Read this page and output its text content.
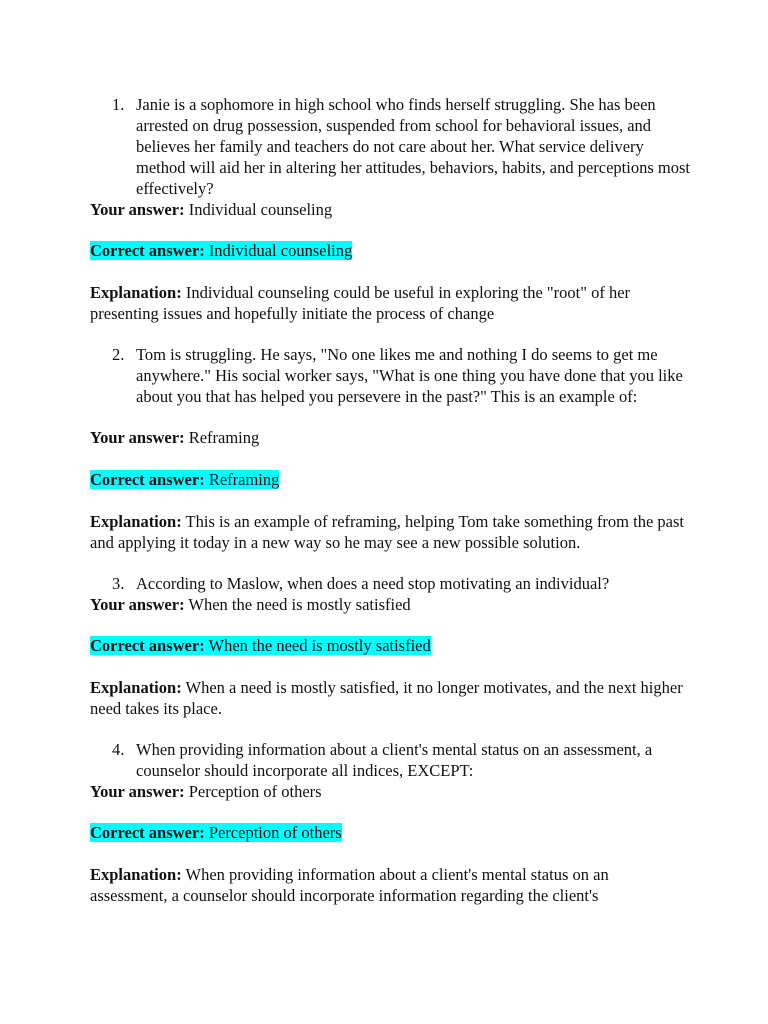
1. Janie is a sophomore in high school who finds herself struggling. She has been arrested on drug possession, suspended from school for behavioral issues, and believes her family and teachers do not care about her. What service delivery method will aid her in altering her attitudes, behaviors, habits, and perceptions most effectively?
Your answer: Individual counseling
Correct answer: Individual counseling
Explanation: Individual counseling could be useful in exploring the "root" of her presenting issues and hopefully initiate the process of change
2. Tom is struggling. He says, "No one likes me and nothing I do seems to get me anywhere." His social worker says, "What is one thing you have done that you like about you that has helped you persevere in the past?" This is an example of:
Your answer: Reframing
Correct answer: Reframing
Explanation: This is an example of reframing, helping Tom take something from the past and applying it today in a new way so he may see a new possible solution.
3. According to Maslow, when does a need stop motivating an individual?
Your answer: When the need is mostly satisfied
Correct answer: When the need is mostly satisfied
Explanation: When a need is mostly satisfied, it no longer motivates, and the next higher need takes its place.
4. When providing information about a client's mental status on an assessment, a counselor should incorporate all indices, EXCEPT:
Your answer: Perception of others
Correct answer: Perception of others
Explanation: When providing information about a client's mental status on an assessment, a counselor should incorporate information regarding the client's
